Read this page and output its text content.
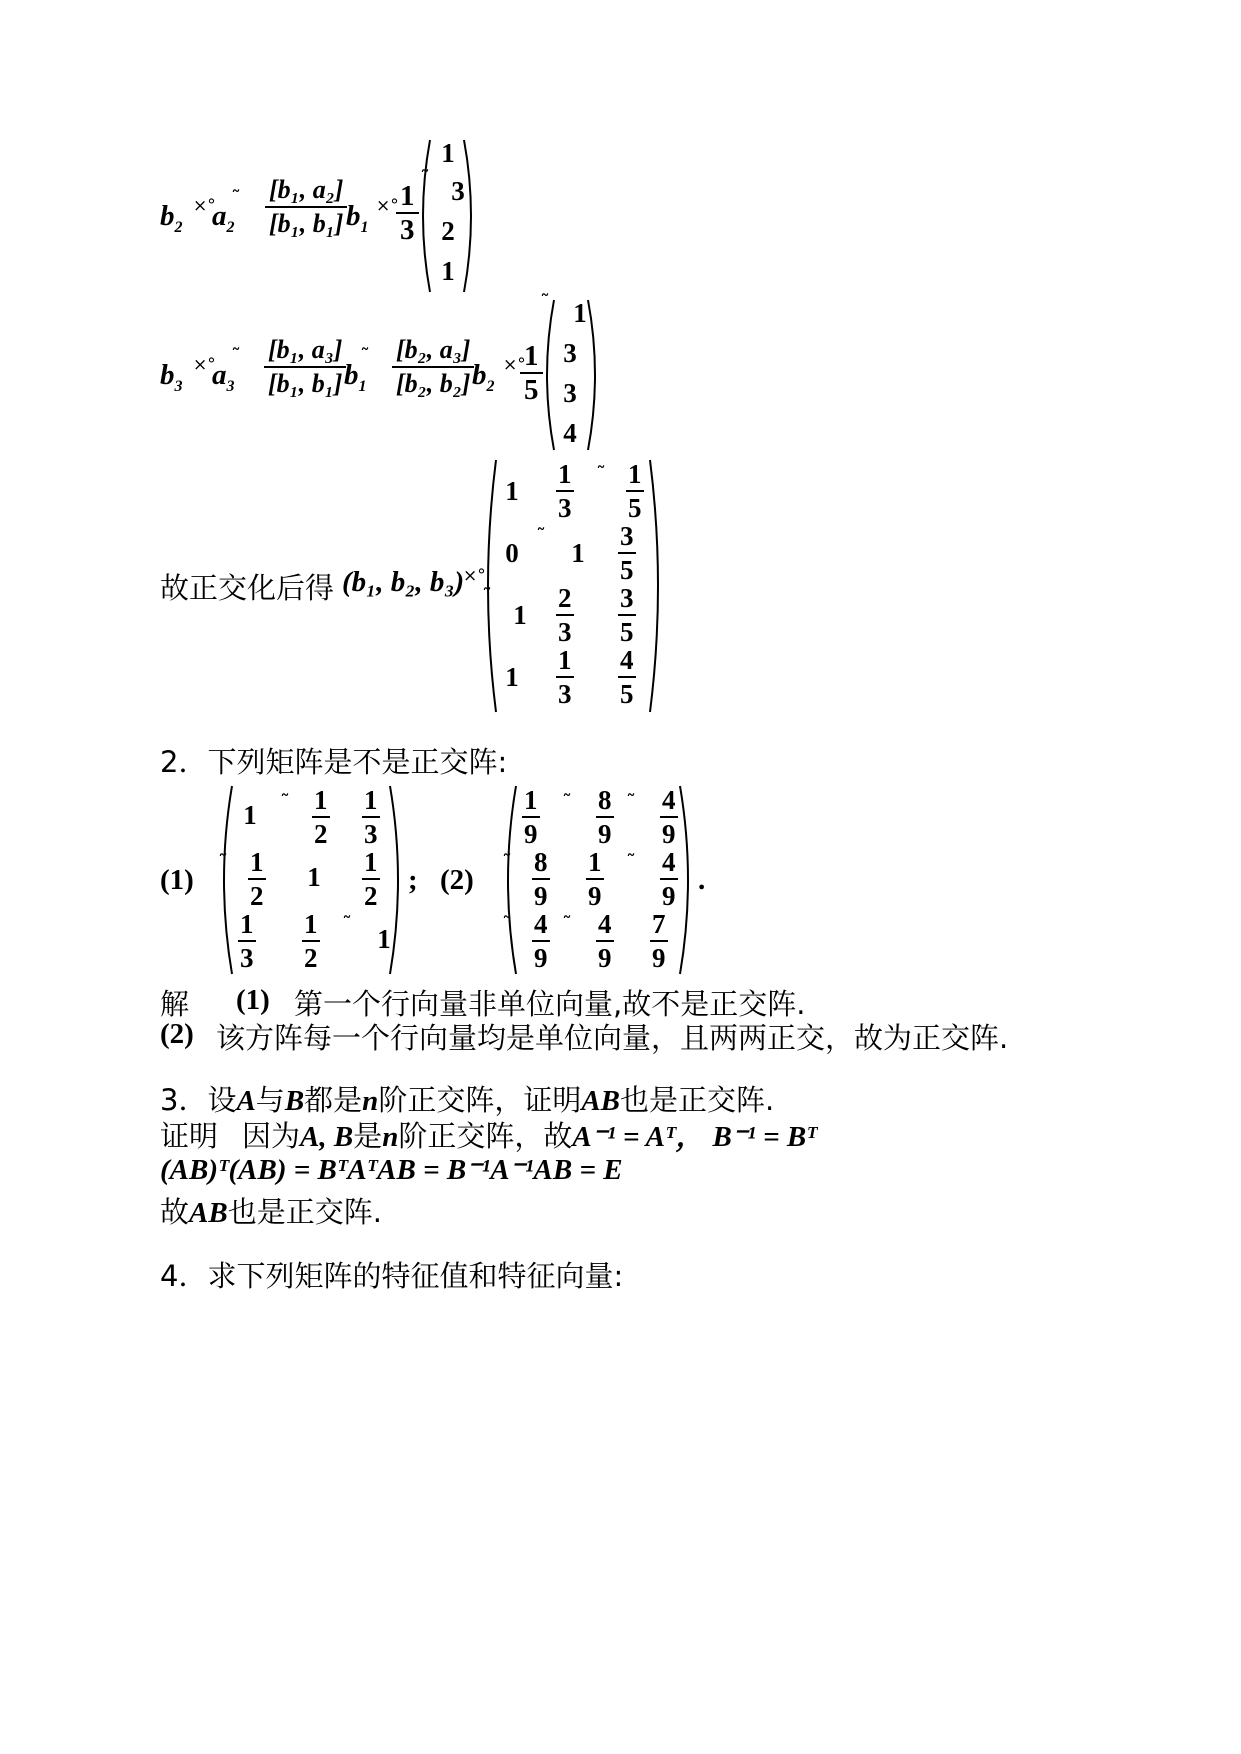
$b_2$
×°
$a_2$
˜ $\frac{\text{[b₁, a₂]}}{\text{[b₁, b₁]}}$
$b_1$
×°
$\frac{1}{3}$
˜
1
3
2
1
$b_3$
×°
$a_3$
˜ $\frac{\text{[b₁, a₃]}}{\text{[b₁, b₁]}}$
$b_1$
˜ $\frac{\text{[b₂, a₃]}}{\text{[b₂, b₂]}}$
$b_2$
×°
$\frac{1}{5}$
˜ 1
3
3
4
故正交化后得 (b₁, b₂, b₃)
×°
1
1
3
˜ 1
5
0
˜
1
3
5
˜
1
2
3
3
5
1
1
3
4
5
2．下列矩阵是不是正交阵:
(1)
1 ˜ 1
2
1
3
˜ 1
2
1 1
2
1
3
1
2
˜ 1
; (2)
1
9
˜ 8
9
˜ 4
9
˜ 8
9
1
9
˜ 4
9
˜ 4
9
˜ 4
9
7
9
.
解 (1) 第一个行向量非单位向量,故不是正交阵.
(2) 该方阵每一个行向量均是单位向量，且两两正交，故为正交阵.
3．设A与B都是n阶正交阵，证明AB也是正交阵.
证明 因为A, B是n阶正交阵，故A⁻¹ = Aᵀ， B⁻¹ = Bᵀ
(AB)ᵀ(AB) = BᵀAᵀAB = B⁻¹A⁻¹AB = E
故AB也是正交阵.
4．求下列矩阵的特征值和特征向量:
